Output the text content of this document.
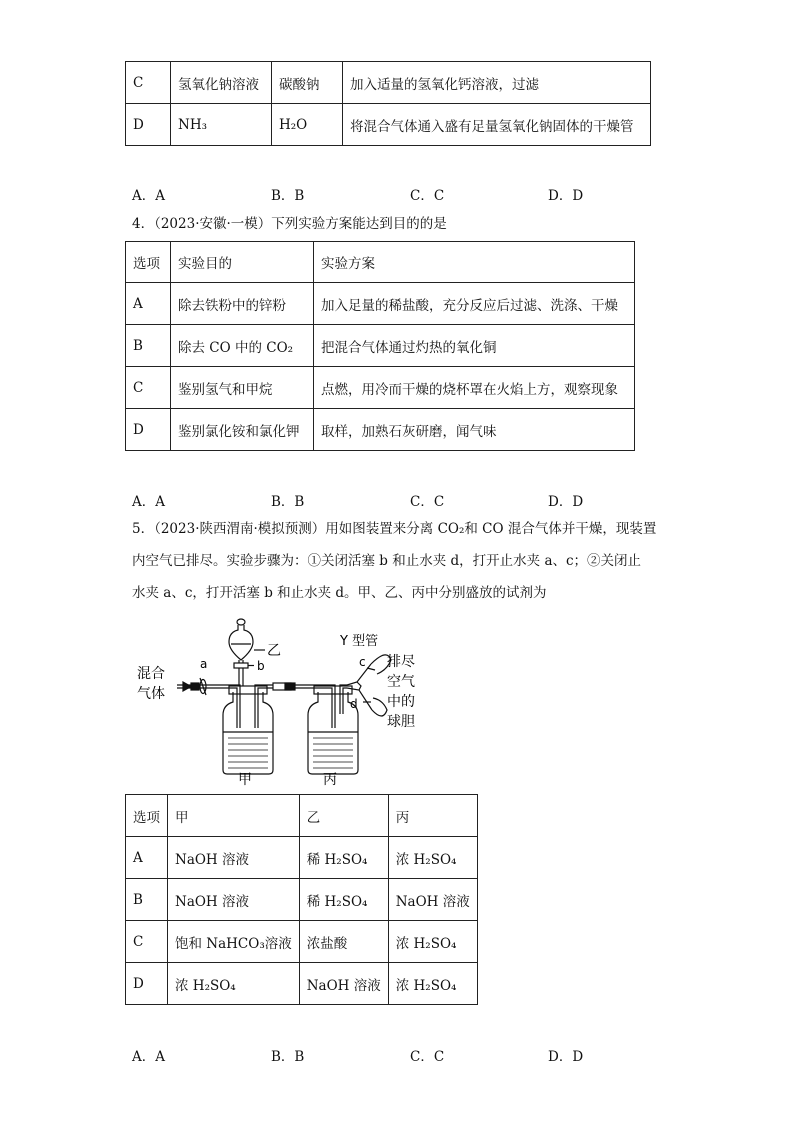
C	氢氧化钠溶液	碳酸钠	加入适量的氢氧化钙溶液，过滤
D	NH₃	H₂O	将混合气体通入盛有足量氢氧化钠固体的干燥管
A．A	B．B	C．C	D．D
4．（2023·安徽·一模）下列实验方案能达到目的的是
选项	实验目的	实验方案
A	除去铁粉中的锌粉	加入足量的稀盐酸，充分反应后过滤、洗涤、干燥
B	除去 CO 中的 CO₂	把混合气体通过灼热的氧化铜
C	鉴别氢气和甲烷	点燃，用冷而干燥的烧杯罩在火焰上方，观察现象
D	鉴别氯化铵和氯化钾	取样，加熟石灰研磨，闻气味
A．A	B．B	C．C	D．D
5．（2023·陕西渭南·模拟预测）用如图装置来分离 CO₂和 CO 混合气体并干燥，现装置
内空气已排尽。实验步骤为：①关闭活塞 b 和止水夹 d，打开止水夹 a、c；②关闭止
水夹 a、c，打开活塞 b 和止水夹 d。甲、乙、丙中分别盛放的试剂为
混合
气体
a	b
乙
甲	丙
Y 型管
c
d
排尽
空气
中的
球胆
选项	甲	乙	丙
A	NaOH 溶液	稀 H₂SO₄	浓 H₂SO₄
B	NaOH 溶液	稀 H₂SO₄	NaOH 溶液
C	饱和 NaHCO₃溶液	浓盐酸	浓 H₂SO₄
D	浓 H₂SO₄	NaOH 溶液	浓 H₂SO₄
A．A	B．B	C．C	D．D
